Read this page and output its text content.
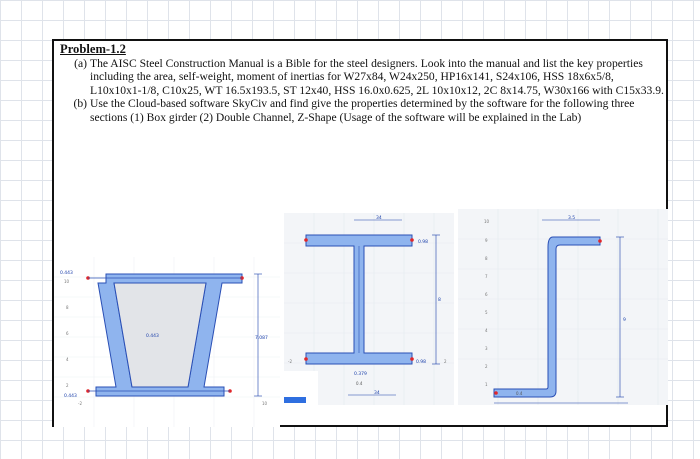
Problem-1.2

(a) The AISC Steel Construction Manual is a Bible for the steel designers. Look into the manual and list the key properties including the area, self-weight, moment of inertias for W27x84, W24x250, HP16x141, S24x106, HSS 18x6x5/8, L10x10x1-1/8, C10x25, WT 16.5x193.5, ST 12x40, HSS 16.0x0.625, 2L 10x10x12, 2C 8x14.75, W30x166 with C15x33.9.
(b) Use the Cloud-based software SkyCiv and find give the properties determined by the software for the following three sections (1) Box girder (2) Double Channel, Z-Shape (Usage of the software will be explained in the Lab)
10
8
6
4
2
-2	10
7.087
0.443
0.443
0.443
34
0.98
8
0.98
-2	2
0.379
0.4
34
10
9
8
7
6
5
4
3
2
1
3.5
9
0.4
